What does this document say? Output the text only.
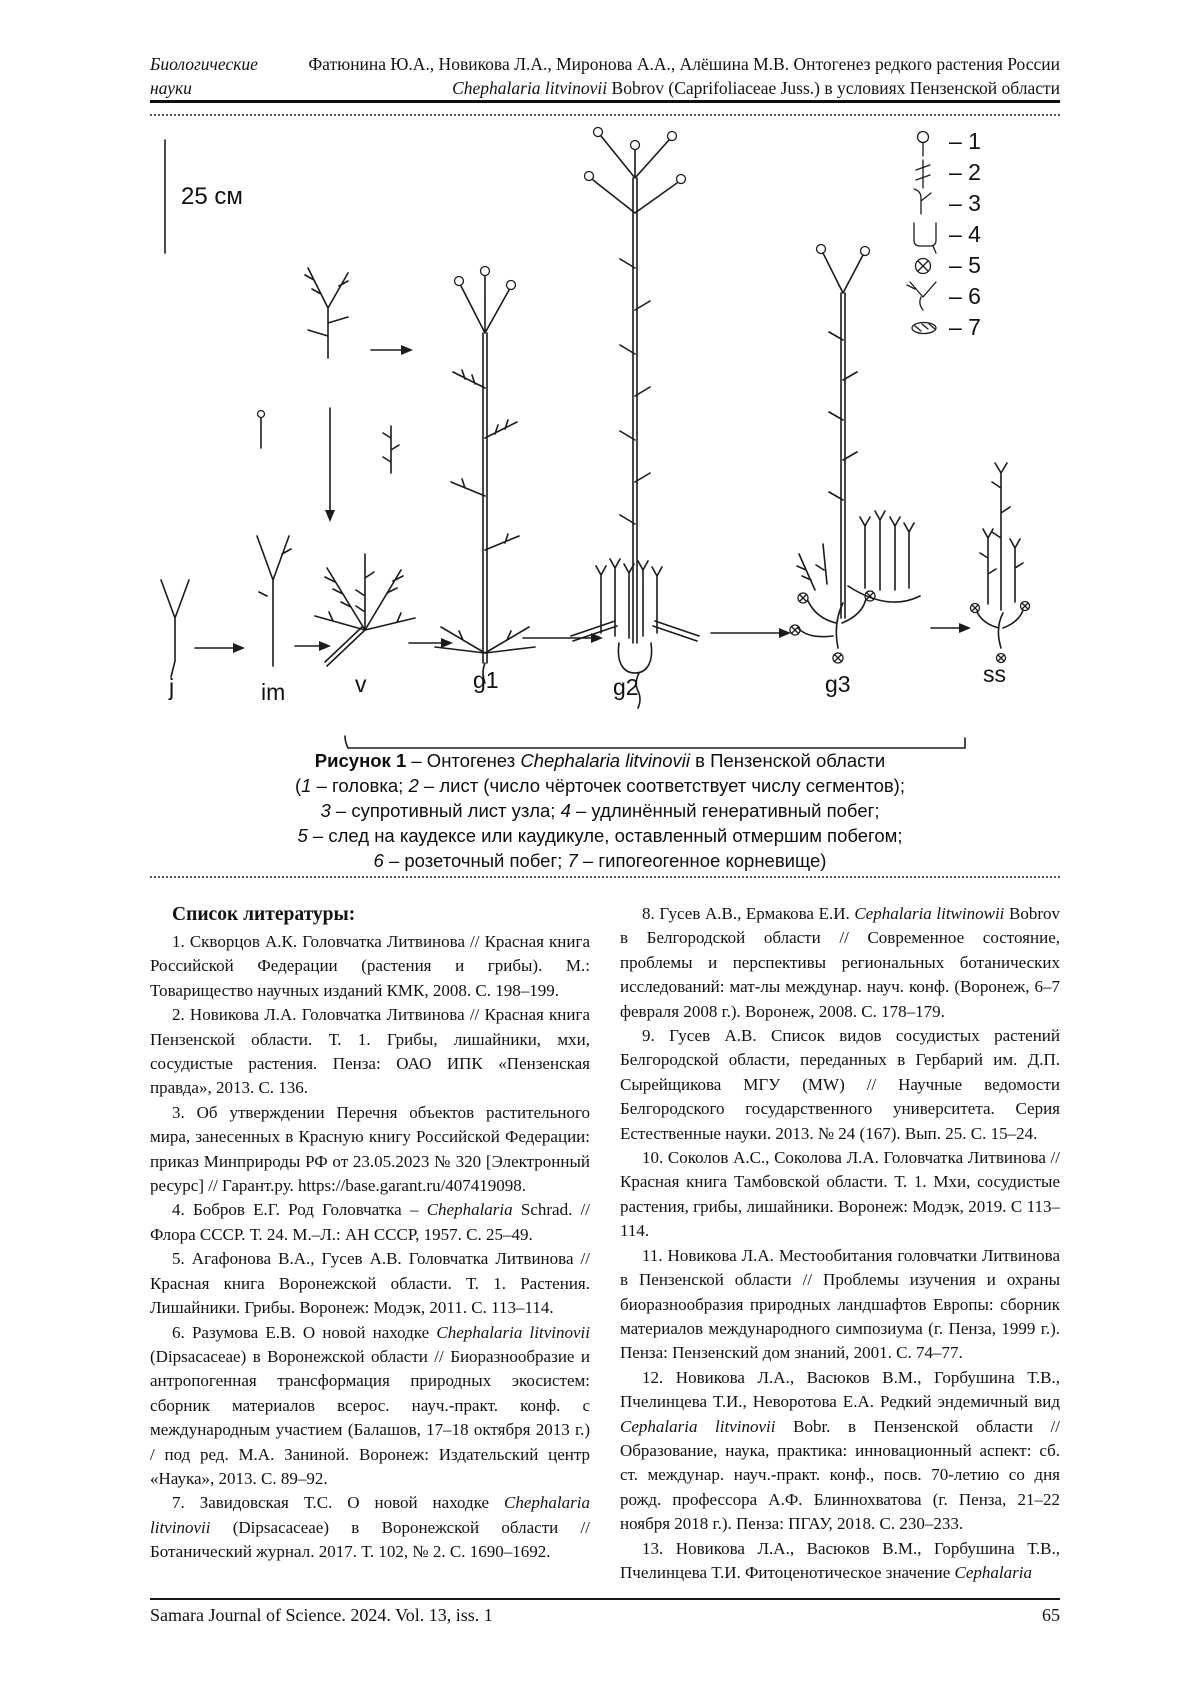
Биологические
науки
Фатюнина Ю.А., Новикова Л.А., Миронова А.А., Алёшина М.В. Онтогенез редкого растения России
Chephalaria litvinovii Bobrov (Caprifoliaceae Juss.) в условиях Пензенской области
25 см
– 1
– 2
– 3
– 4
– 5
– 6
– 7
j	im	v	g1	g2	g3	ss
Рисунок 1 – Онтогенез Chephalaria litvinovii в Пензенской области
(1 – головка; 2 – лист (число чёрточек соответствует числу сегментов);
3 – супротивный лист узла; 4 – удлинённый генеративный побег;
5 – след на каудексе или каудикуле, оставленный отмершим побегом;
6 – розеточный побег; 7 – гипогеогенное корневище)
Список литературы:

1. Скворцов А.К. Головчатка Литвинова // Красная книга Российской Федерации (растения и грибы). М.: Товарищество научных изданий КМК, 2008. С. 198–199.

2. Новикова Л.А. Головчатка Литвинова // Красная книга Пензенской области. Т. 1. Грибы, лишайники, мхи, сосудистые растения. Пенза: ОАО ИПК «Пензенская правда», 2013. С. 136.

3. Об утверждении Перечня объектов растительного мира, занесенных в Красную книгу Российской Федерации: приказ Минприроды РФ от 23.05.2023 № 320 [Электронный ресурс] // Гарант.ру. https://base.garant.ru/407419098.

4. Бобров Е.Г. Род Головчатка – Chephalaria Schrad. // Флора СССР. Т. 24. М.–Л.: АН СССР, 1957. С. 25–49.

5. Агафонова В.А., Гусев А.В. Головчатка Литвинова // Красная книга Воронежской области. Т. 1. Растения. Лишайники. Грибы. Воронеж: Модэк, 2011. С. 113–114.

6. Разумова Е.В. О новой находке Chephalaria litvinovii (Dipsacaceae) в Воронежской области // Биоразнообразие и антропогенная трансформация природных экосистем: сборник материалов всерос. науч.-практ. конф. с международным участием (Балашов, 17–18 октября 2013 г.) / под ред. М.А. Заниной. Воронеж: Издательский центр «Наука», 2013. С. 89–92.

7. Завидовская Т.С. О новой находке Chephalaria litvinovii (Dipsacaceae) в Воронежской области // Ботанический журнал. 2017. Т. 102, № 2. С. 1690–1692.

8. Гусев А.В., Ермакова Е.И. Cephalaria litwinowii Bobrov в Белгородской области // Современное состояние, проблемы и перспективы региональных ботанических исследований: мат-лы междунар. науч. конф. (Воронеж, 6–7 февраля 2008 г.). Воронеж, 2008. С. 178–179.

9. Гусев А.В. Список видов сосудистых растений Белгородской области, переданных в Гербарий им. Д.П. Сырейщикова МГУ (MW) // Научные ведомости Белгородского государственного университета. Серия Естественные науки. 2013. № 24 (167). Вып. 25. С. 15–24.

10. Соколов А.С., Соколова Л.А. Головчатка Литвинова // Красная книга Тамбовской области. Т. 1. Мхи, сосудистые растения, грибы, лишайники. Воронеж: Модэк, 2019. С 113–114.

11. Новикова Л.А. Местообитания головчатки Литвинова в Пензенской области // Проблемы изучения и охраны биоразнообразия природных ландшафтов Европы: сборник материалов международного симпозиума (г. Пенза, 1999 г.). Пенза: Пензенский дом знаний, 2001. С. 74–77.

12. Новикова Л.А., Васюков В.М., Горбушина Т.В., Пчелинцева Т.И., Неворотова Е.А. Редкий эндемичный вид Cephalaria litvinovii Bobr. в Пензенской области // Образование, наука, практика: инновационный аспект: сб. ст. междунар. науч.-практ. конф., посв. 70-летию со дня рожд. профессора А.Ф. Блиннохватова (г. Пенза, 21–22 ноября 2018 г.). Пенза: ПГАУ, 2018. С. 230–233.

13. Новикова Л.А., Васюков В.М., Горбушина Т.В., Пчелинцева Т.И. Фитоценотическое значение Cephalaria

Samara Journal of Science. 2024. Vol. 13, iss. 1	65
